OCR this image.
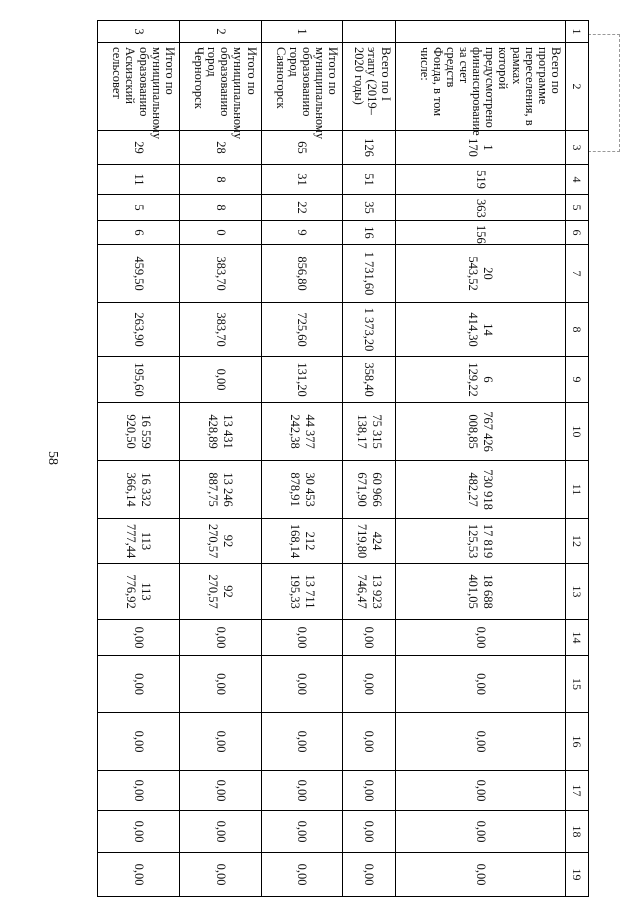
58
1	2	3	4	5	6	7	8	9	10	11	12	13	14	15	16	17	18	19
	Всего по программе переселения, в рамках которой предусмотрено финансирование за счет средств Фонда, в том числе:	1 170	519	363	156	20 543,52	14 414,30	6 129,22	767 426 008,85	730 918 482,27	17 819 125,53	18 688 401,05	0,00	0,00	0,00	0,00	0,00	0,00
	Всего по I этапу (2019–2020 годы)	126	51	35	16	1 731,60	1 373,20	358,40	75 315 138,17	60 966 671,90	424 719,80	13 923 746,47	0,00	0,00	0,00	0,00	0,00	0,00
1	Итого по муниципальному образованию город Саяногорск	65	31	22	9	856,80	725,60	131,20	44 377 242,38	30 453 878,91	212 168,14	13 711 195,33	0,00	0,00	0,00	0,00	0,00	0,00
2	Итого по муниципальному образованию город Черногорск	28	8	8	0	383,70	383,70	0,00	13 431 428,89	13 246 887,75	92 270,57	92 270,57	0,00	0,00	0,00	0,00	0,00	0,00
3	Итого по муниципальному образованию Аскизский сельсовет	29	11	5	6	459,50	263,90	195,60	16 559 920,50	16 332 366,14	113 777,44	113 776,92	0,00	0,00	0,00	0,00	0,00	0,00
